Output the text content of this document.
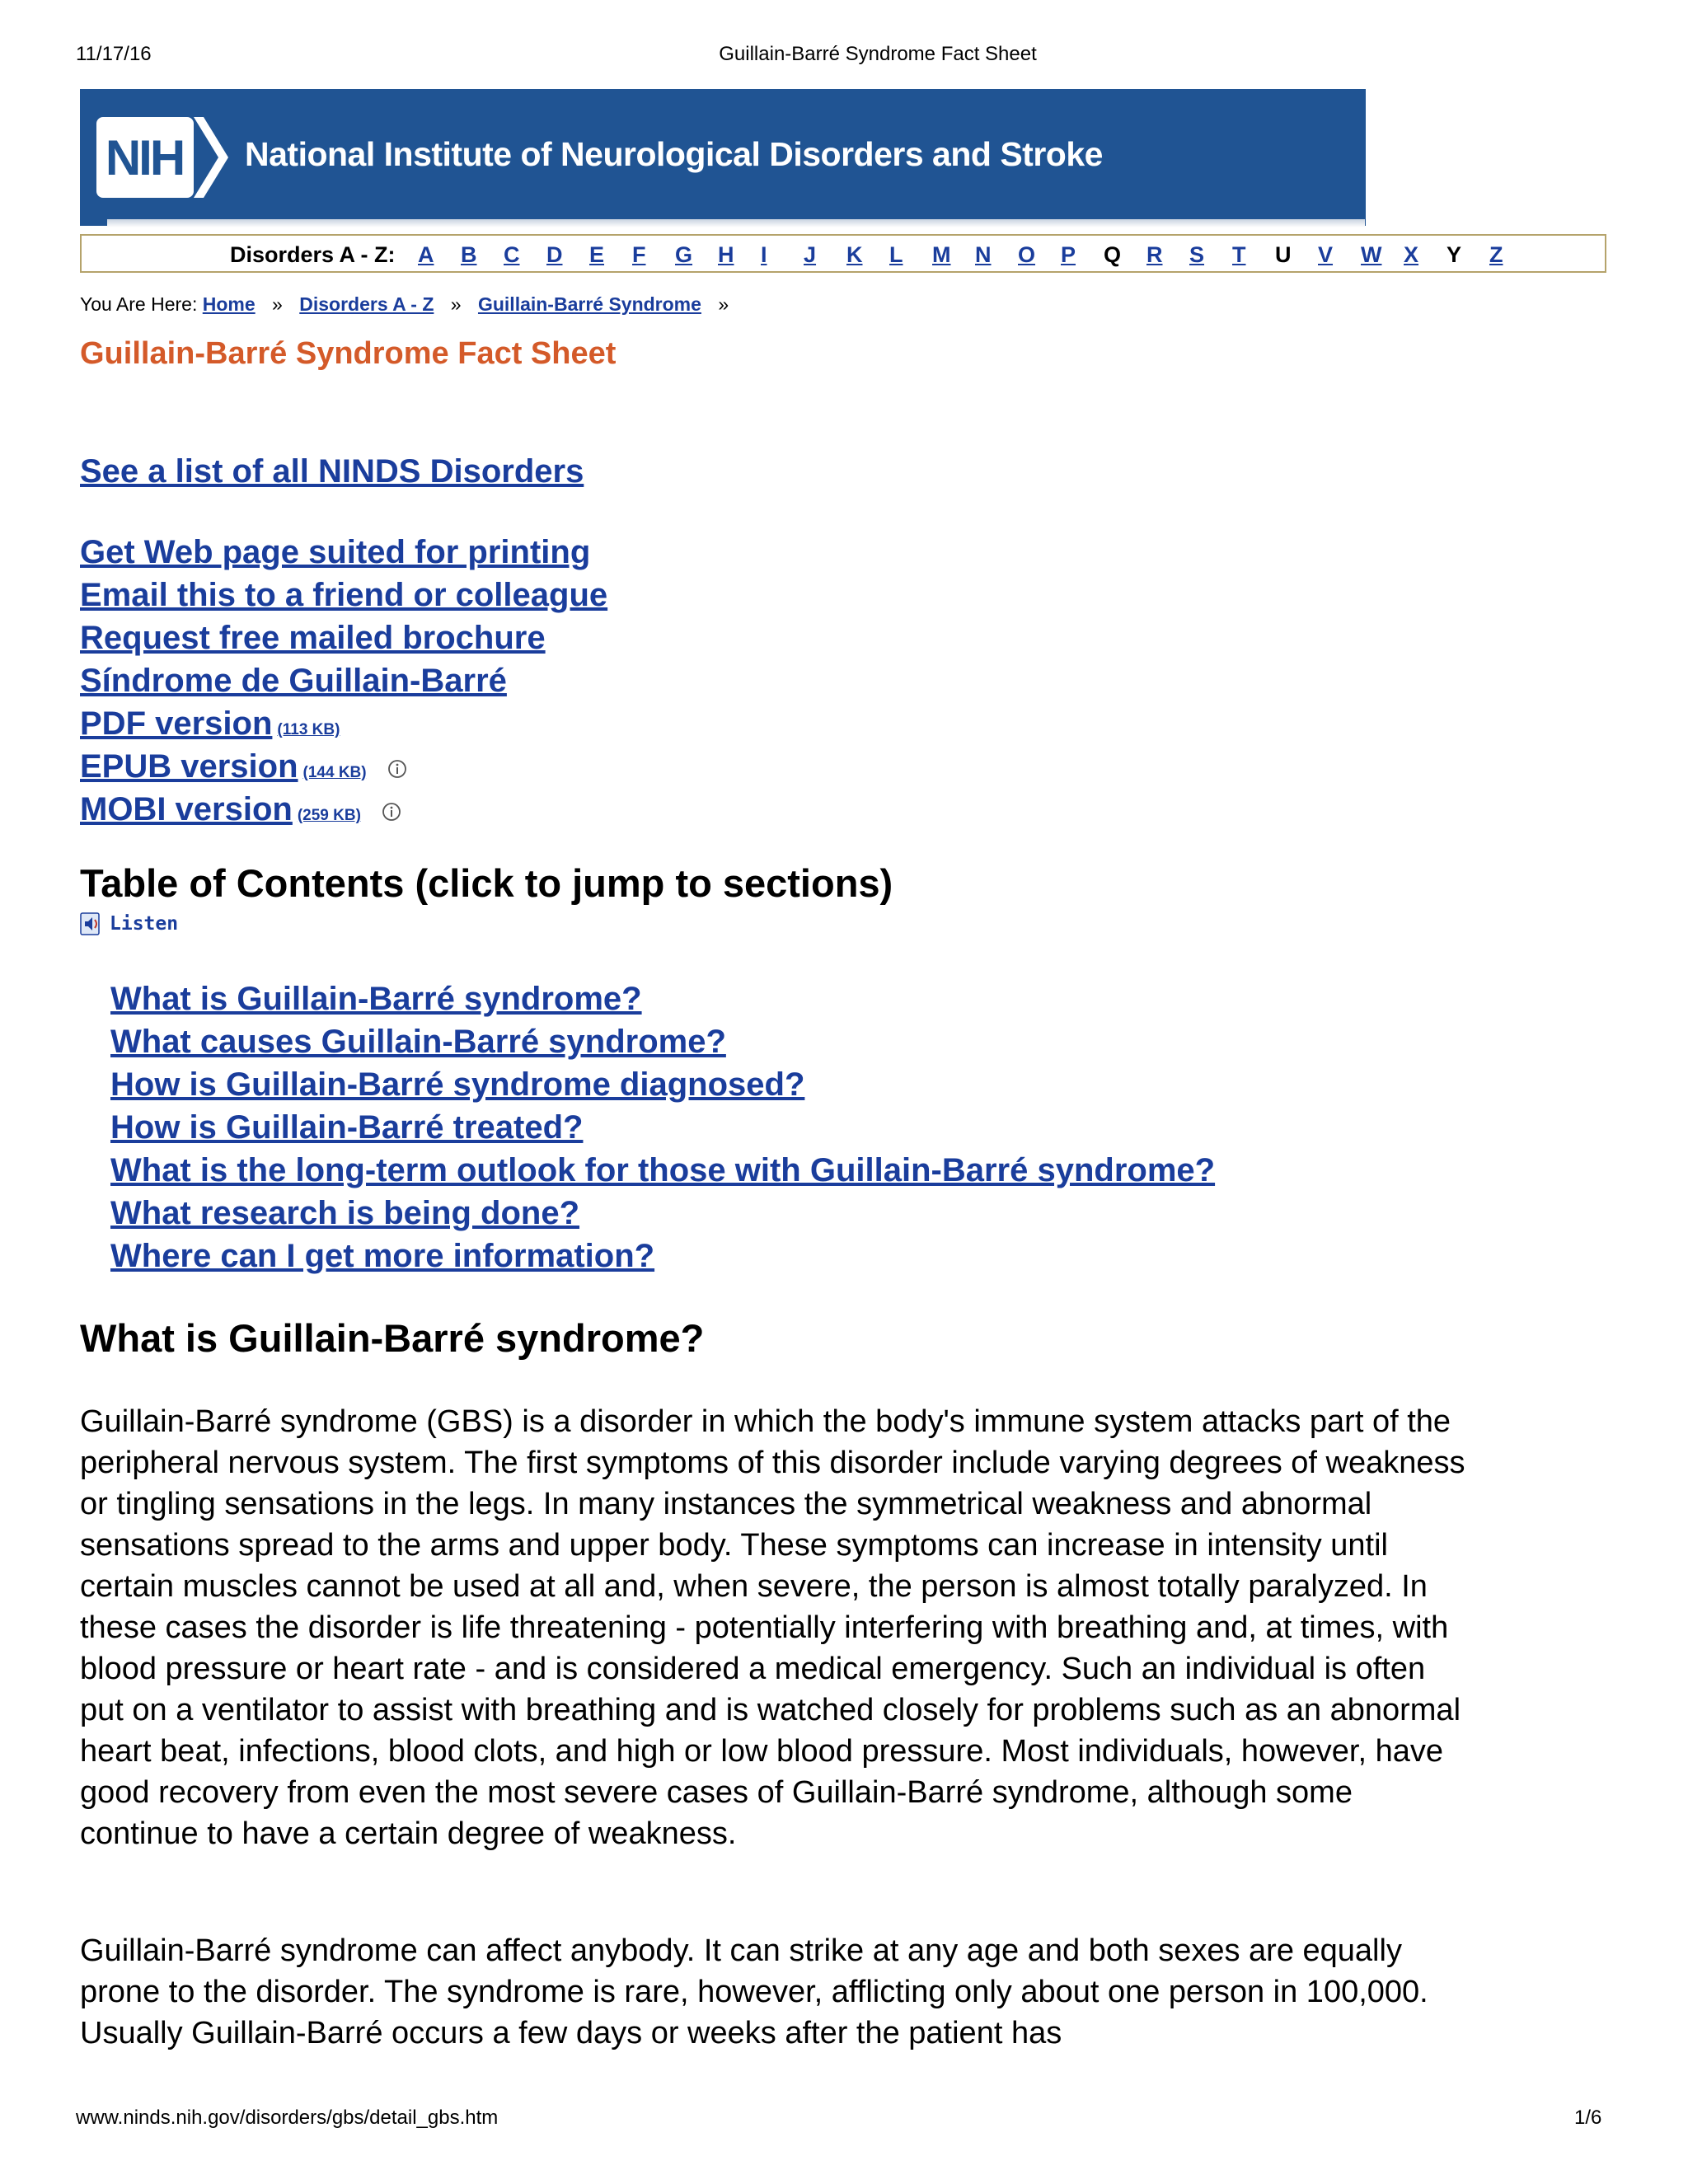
11/17/16	Guillain-Barré Syndrome Fact Sheet
NIH National Institute of Neurological Disorders and Stroke
Disorders A - Z: A	B	C	D	E	F	G	H	I	J	K	L	M	N	O	P	Q	R	S	T	U	V	W X	Y	Z
You Are Here: Home » Disorders A - Z » Guillain-Barré Syndrome »
Guillain-Barré Syndrome Fact Sheet
See a list of all NINDS Disorders
Get Web page suited for printing
Email this to a friend or colleague
Request free mailed brochure
Síndrome de Guillain-Barré
PDF version (113 KB)
EPUB version (144 KB)
MOBI version (259 KB)
Table of Contents (click to jump to sections)
Listen
What is Guillain-Barré syndrome?
What causes Guillain-Barré syndrome?
How is Guillain-Barré syndrome diagnosed?
How is Guillain-Barré treated?
What is the long-term outlook for those with Guillain-Barré syndrome?
What research is being done?
Where can I get more information?
What is Guillain-Barré syndrome?

Guillain-Barré syndrome (GBS) is a disorder in which the body's immune system attacks part of the peripheral nervous system. The first symptoms of this disorder include varying degrees of weakness or tingling sensations in the legs. In many instances the symmetrical weakness and abnormal sensations spread to the arms and upper body. These symptoms can increase in intensity until certain muscles cannot be used at all and, when severe, the person is almost totally paralyzed. In these cases the disorder is life threatening - potentially interfering with breathing and, at times, with blood pressure or heart rate - and is considered a medical emergency. Such an individual is often put on a ventilator to assist with breathing and is watched closely for problems such as an abnormal heart beat, infections, blood clots, and high or low blood pressure. Most individuals, however, have good recovery from even the most severe cases of Guillain-Barré syndrome, although some continue to have a certain degree of weakness.

Guillain-Barré syndrome can affect anybody. It can strike at any age and both sexes are equally prone to the disorder. The syndrome is rare, however, afflicting only about one person in 100,000. Usually Guillain-Barré occurs a few days or weeks after the patient has

www.ninds.nih.gov/disorders/gbs/detail_gbs.htm	1/6
